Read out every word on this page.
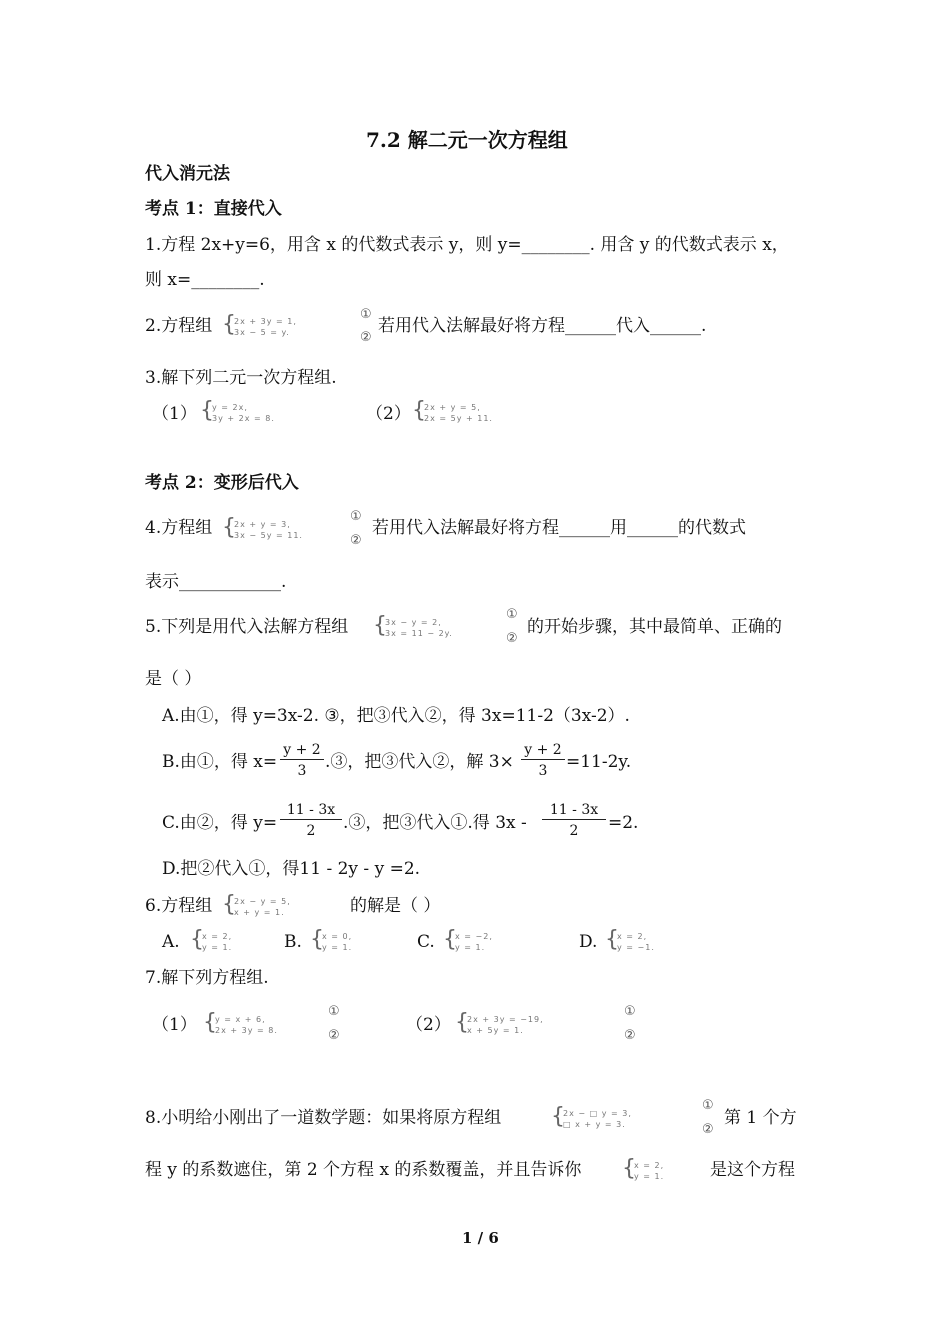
7.2 解二元一次方程组
代入消元法
考点 1：直接代入
1.方程 2x+y=6，用含 x 的代数式表示 y，则 y=________. 用含 y 的代数式表示 x，
则 x=________.
2.方程组 {
2x + 3y = 1,
3x − 5 = y.
①
②
若用代入法解最好将方程______代入______.
3.解下列二元一次方程组.
（1） {
y = 2x,
3y + 2x = 8.	（2） {
2x + y = 5,
2x = 5y + 11.
考点 2：变形后代入
4.方程组 {
2x + y = 3,
3x − 5y = 11.
①
②
若用代入法解最好将方程______用______的代数式
表示____________.
5.下列是用代入法解方程组 {
3x − y = 2,
3x = 11 − 2y.
①
②
的开始步骤，其中最简单、正确的
是（ ）
A.由①，得 y=3x-2. ③，把③代入②，得 3x=11-2（3x-2）.
B.由①，得 $x= \frac{y + 2}{3}$ .③，把③代入②，解 $3\times \frac{y + 2}{3} =11-2y$.
C.由②，得 $y= \frac{11 - 3x}{2}$ .③，把③代入①.得 $3x - \frac{11 - 3x}{2} =2$.
D.把②代入①，得11 - 2y - y =2.
6.方程组 {
2x − y = 5,
x + y = 1.	的解是（ ）
A. {
x = 2,
y = 1.	B. {
x = 0,
y = 1.	C. {
x = −2,
y = 1.	D. {
x = 2,
y = −1.
7.解下列方程组.
（1） {
y = x + 6,
2x + 3y = 8.
①
②
（2） {
2x + 3y = −19,
x + 5y = 1.
①
②
8.小明给小刚出了一道数学题：如果将原方程组 {
2x − □ y = 3,
□ x + y = 3.
①
②
第 1 个方
程 y 的系数遮住，第 2 个方程 x 的系数覆盖，并且告诉你 {
x = 2,
y = 1.	是这个方程
1 / 6
